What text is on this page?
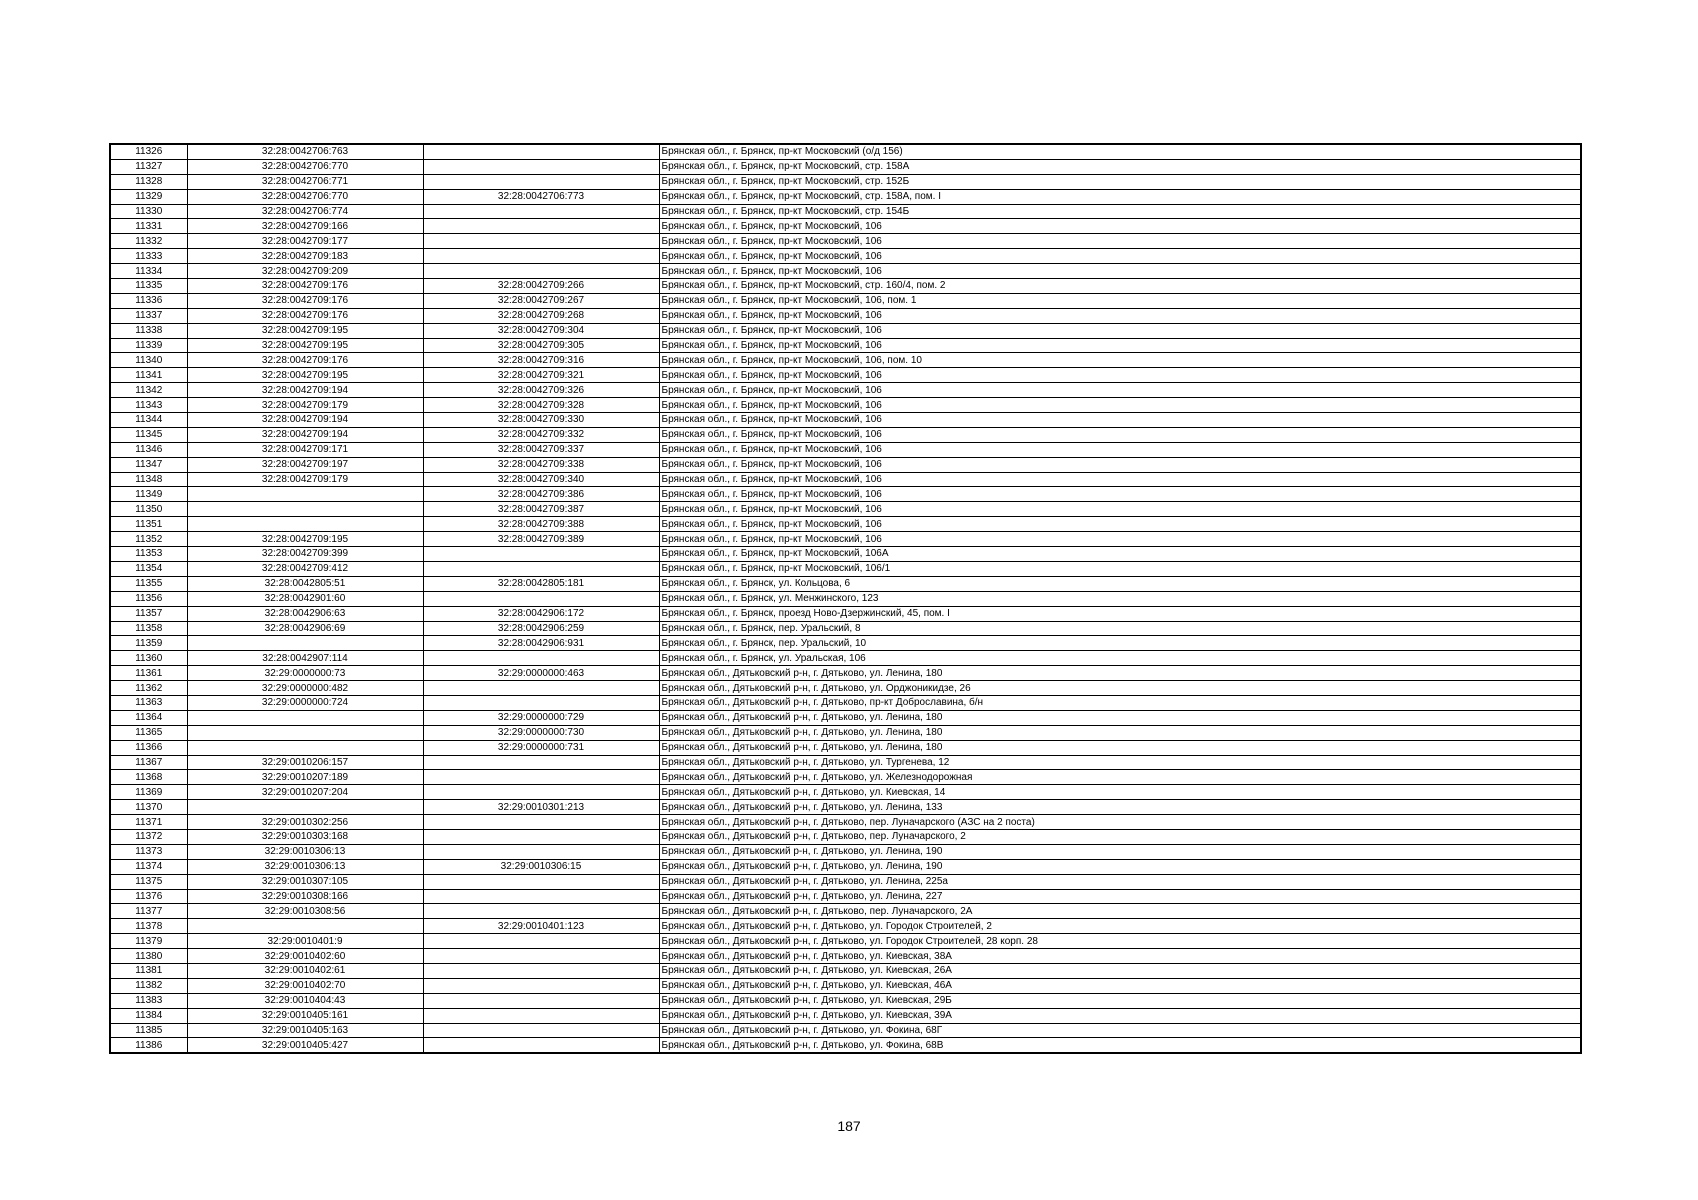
11326	32:28:0042706:763		Брянская обл., г. Брянск, пр-кт Московский (о/д 156)
11327	32:28:0042706:770		Брянская обл., г. Брянск, пр-кт Московский, стр. 158А
11328	32:28:0042706:771		Брянская обл., г. Брянск, пр-кт Московский, стр. 152Б
11329	32:28:0042706:770	32:28:0042706:773	Брянская обл., г. Брянск, пр-кт Московский, стр. 158А, пом. I
11330	32:28:0042706:774		Брянская обл., г. Брянск, пр-кт Московский, стр. 154Б
11331	32:28:0042709:166		Брянская обл., г. Брянск, пр-кт Московский, 106
11332	32:28:0042709:177		Брянская обл., г. Брянск, пр-кт Московский, 106
11333	32:28:0042709:183		Брянская обл., г. Брянск, пр-кт Московский, 106
11334	32:28:0042709:209		Брянская обл., г. Брянск, пр-кт Московский, 106
11335	32:28:0042709:176	32:28:0042709:266	Брянская обл., г. Брянск, пр-кт Московский, стр. 160/4, пом. 2
11336	32:28:0042709:176	32:28:0042709:267	Брянская обл., г. Брянск, пр-кт Московский, 106, пом. 1
11337	32:28:0042709:176	32:28:0042709:268	Брянская обл., г. Брянск, пр-кт Московский, 106
11338	32:28:0042709:195	32:28:0042709:304	Брянская обл., г. Брянск, пр-кт Московский, 106
11339	32:28:0042709:195	32:28:0042709:305	Брянская обл., г. Брянск, пр-кт Московский, 106
11340	32:28:0042709:176	32:28:0042709:316	Брянская обл., г. Брянск, пр-кт Московский, 106, пом. 10
11341	32:28:0042709:195	32:28:0042709:321	Брянская обл., г. Брянск, пр-кт Московский, 106
11342	32:28:0042709:194	32:28:0042709:326	Брянская обл., г. Брянск, пр-кт Московский, 106
11343	32:28:0042709:179	32:28:0042709:328	Брянская обл., г. Брянск, пр-кт Московский, 106
11344	32:28:0042709:194	32:28:0042709:330	Брянская обл., г. Брянск, пр-кт Московский, 106
11345	32:28:0042709:194	32:28:0042709:332	Брянская обл., г. Брянск, пр-кт Московский, 106
11346	32:28:0042709:171	32:28:0042709:337	Брянская обл., г. Брянск, пр-кт Московский, 106
11347	32:28:0042709:197	32:28:0042709:338	Брянская обл., г. Брянск, пр-кт Московский, 106
11348	32:28:0042709:179	32:28:0042709:340	Брянская обл., г. Брянск, пр-кт Московский, 106
11349		32:28:0042709:386	Брянская обл., г. Брянск, пр-кт Московский, 106
11350		32:28:0042709:387	Брянская обл., г. Брянск, пр-кт Московский, 106
11351		32:28:0042709:388	Брянская обл., г. Брянск, пр-кт Московский, 106
11352	32:28:0042709:195	32:28:0042709:389	Брянская обл., г. Брянск, пр-кт Московский, 106
11353	32:28:0042709:399		Брянская обл., г. Брянск, пр-кт Московский, 106А
11354	32:28:0042709:412		Брянская обл., г. Брянск, пр-кт Московский, 106/1
11355	32:28:0042805:51	32:28:0042805:181	Брянская обл., г. Брянск, ул. Кольцова, 6
11356	32:28:0042901:60		Брянская обл., г. Брянск, ул. Менжинского, 123
11357	32:28:0042906:63	32:28:0042906:172	Брянская обл., г. Брянск, проезд Ново-Дзержинский, 45, пом. I
11358	32:28:0042906:69	32:28:0042906:259	Брянская обл., г. Брянск, пер. Уральский, 8
11359		32:28:0042906:931	Брянская обл., г. Брянск, пер. Уральский, 10
11360	32:28:0042907:114		Брянская обл., г. Брянск, ул. Уральская, 106
11361	32:29:0000000:73	32:29:0000000:463	Брянская обл., Дятьковский р-н, г. Дятьково, ул. Ленина, 180
11362	32:29:0000000:482		Брянская обл., Дятьковский р-н, г. Дятьково, ул. Орджоникидзе, 26
11363	32:29:0000000:724		Брянская обл., Дятьковский р-н, г. Дятьково, пр-кт Доброславина, б/н
11364		32:29:0000000:729	Брянская обл., Дятьковский р-н, г. Дятьково, ул. Ленина, 180
11365		32:29:0000000:730	Брянская обл., Дятьковский р-н, г. Дятьково, ул. Ленина, 180
11366		32:29:0000000:731	Брянская обл., Дятьковский р-н, г. Дятьково, ул. Ленина, 180
11367	32:29:0010206:157		Брянская обл., Дятьковский р-н, г. Дятьково, ул. Тургенева, 12
11368	32:29:0010207:189		Брянская обл., Дятьковский р-н, г. Дятьково, ул. Железнодорожная
11369	32:29:0010207:204		Брянская обл., Дятьковский р-н, г. Дятьково, ул. Киевская, 14
11370		32:29:0010301:213	Брянская обл., Дятьковский р-н, г. Дятьково, ул. Ленина, 133
11371	32:29:0010302:256		Брянская обл., Дятьковский р-н, г. Дятьково, пер. Луначарского (АЗС на 2 поста)
11372	32:29:0010303:168		Брянская обл., Дятьковский р-н, г. Дятьково, пер. Луначарского, 2
11373	32:29:0010306:13		Брянская обл., Дятьковский р-н, г. Дятьково, ул. Ленина, 190
11374	32:29:0010306:13	32:29:0010306:15	Брянская обл., Дятьковский р-н, г. Дятьково, ул. Ленина, 190
11375	32:29:0010307:105		Брянская обл., Дятьковский р-н, г. Дятьково, ул. Ленина, 225а
11376	32:29:0010308:166		Брянская обл., Дятьковский р-н, г. Дятьково, ул. Ленина, 227
11377	32:29:0010308:56		Брянская обл., Дятьковский р-н, г. Дятьково, пер. Луначарского, 2А
11378		32:29:0010401:123	Брянская обл., Дятьковский р-н, г. Дятьково, ул. Городок Строителей, 2
11379	32:29:0010401:9		Брянская обл., Дятьковский р-н, г. Дятьково, ул. Городок Строителей, 28 корп. 28
11380	32:29:0010402:60		Брянская обл., Дятьковский р-н, г. Дятьково, ул. Киевская, 38А
11381	32:29:0010402:61		Брянская обл., Дятьковский р-н, г. Дятьково, ул. Киевская, 26А
11382	32:29:0010402:70		Брянская обл., Дятьковский р-н, г. Дятьково, ул. Киевская, 46А
11383	32:29:0010404:43		Брянская обл., Дятьковский р-н, г. Дятьково, ул. Киевская, 29Б
11384	32:29:0010405:161		Брянская обл., Дятьковский р-н, г. Дятьково, ул. Киевская, 39А
11385	32:29:0010405:163		Брянская обл., Дятьковский р-н, г. Дятьково, ул. Фокина, 68Г
11386	32:29:0010405:427		Брянская обл., Дятьковский р-н, г. Дятьково, ул. Фокина, 68В
187
